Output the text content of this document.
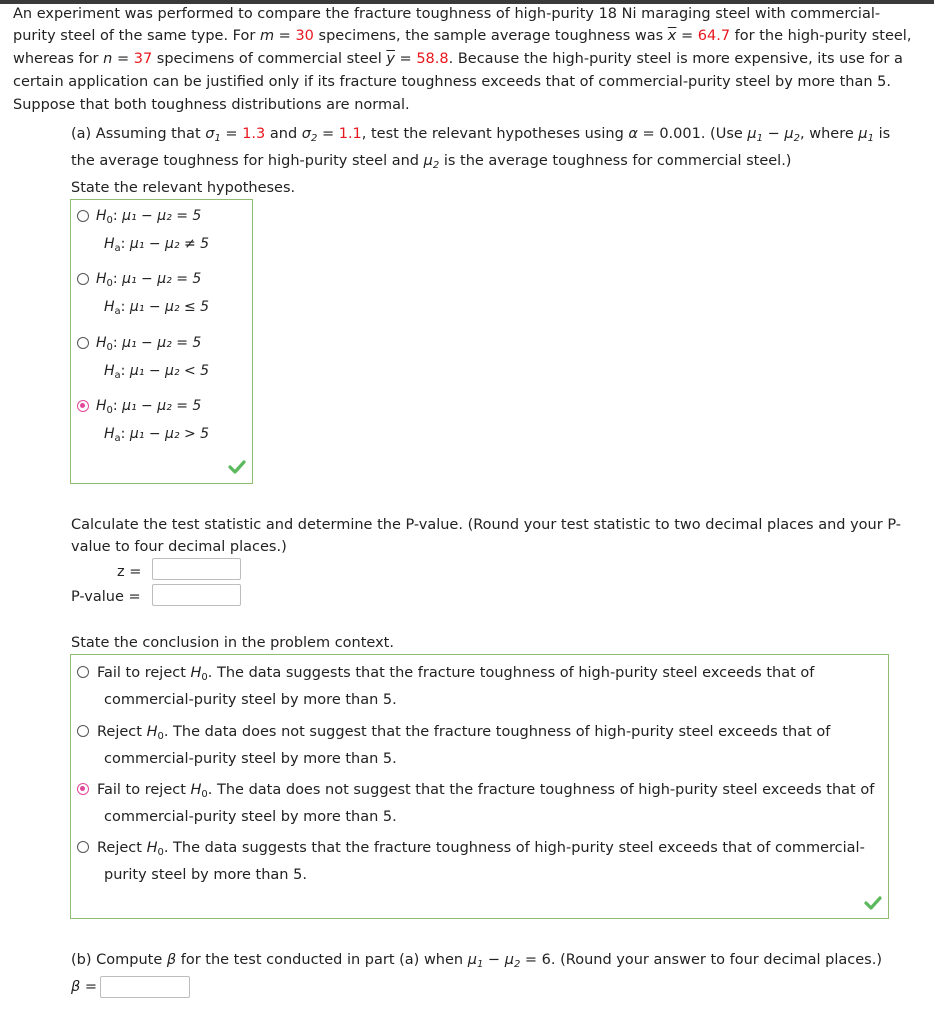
An experiment was performed to compare the fracture toughness of high-purity 18 Ni maraging steel with commercial-
purity steel of the same type. For m = 30 specimens, the sample average toughness was $\overline{x} = 64.7$ for the high-purity steel,
whereas for n = 37 specimens of commercial steel $\overline{y} = 58.8$. Because the high-purity steel is more expensive, its use for a
certain application can be justified only if its fracture toughness exceeds that of commercial-purity steel by more than 5.
Suppose that both toughness distributions are normal.
(a) Assuming that $\sigma_1 = 1.3$ and $\sigma_2 = 1.1$, test the relevant hypotheses using α = 0.001. (Use $\mu_1 - \mu_2$, where $\mu_1$ is
the average toughness for high-purity steel and $\mu_2$ is the average toughness for commercial steel.)
State the relevant hypotheses.
$H_0$: μ₁ − μ₂ = 5
$H_a$: μ₁ − μ₂ ≠ 5
$H_0$: μ₁ − μ₂ = 5
$H_a$: μ₁ − μ₂ ≤ 5
$H_0$: μ₁ − μ₂ = 5
$H_a$: μ₁ − μ₂ < 5
$H_0$: μ₁ − μ₂ = 5
$H_a$: μ₁ − μ₂ > 5
Calculate the test statistic and determine the P-value. (Round your test statistic to two decimal places and your P-
value to four decimal places.)
z =
P-value =
State the conclusion in the problem context.
Fail to reject $H_0$. The data suggests that the fracture toughness of high-purity steel exceeds that of
commercial-purity steel by more than 5.
Reject $H_0$. The data does not suggest that the fracture toughness of high-purity steel exceeds that of
commercial-purity steel by more than 5.
Fail to reject $H_0$. The data does not suggest that the fracture toughness of high-purity steel exceeds that of
commercial-purity steel by more than 5.
Reject $H_0$. The data suggests that the fracture toughness of high-purity steel exceeds that of commercial-
purity steel by more than 5.
(b) Compute β for the test conducted in part (a) when $\mu_1 - \mu_2 = 6$. (Round your answer to four decimal places.)
β =
